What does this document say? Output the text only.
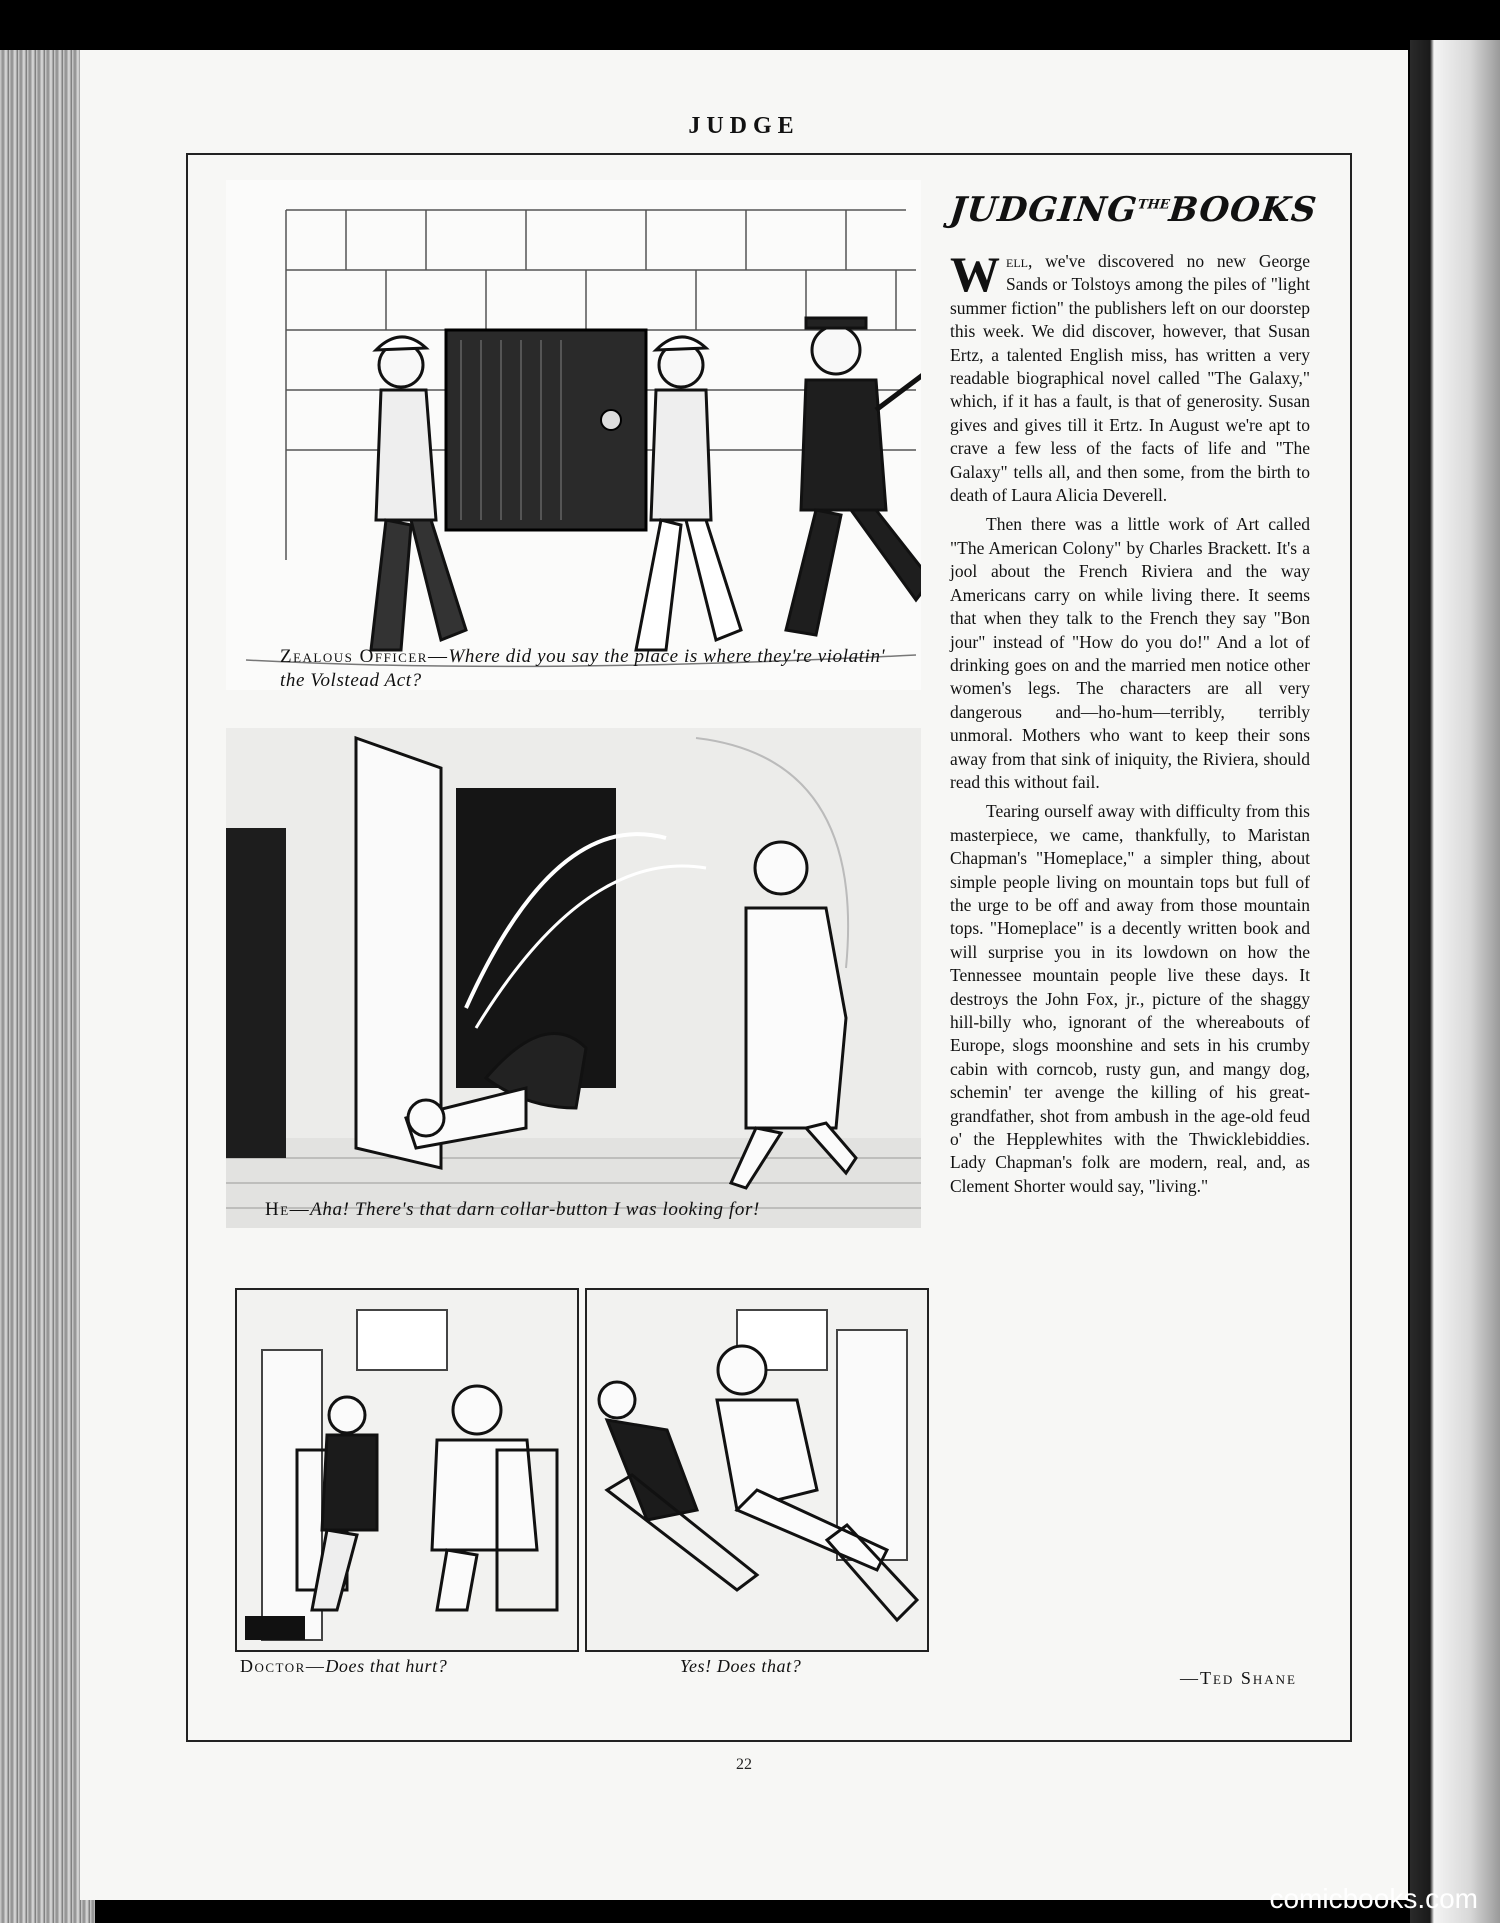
JUDGE
Zealous Officer—Where did you say the place is where they're violatin' the Volstead Act?
He—Aha! There's that darn collar-button I was looking for!
Doctor—Does that hurt?	Yes! Does that?
$JUDGING^{THE}BOOKS$

Well, we've discovered no new George Sands or Tolstoys among the piles of "light summer fiction" the publishers left on our doorstep this week. We did discover, however, that Susan Ertz, a talented English miss, has written a very readable biographical novel called "The Galaxy," which, if it has a fault, is that of generosity. Susan gives and gives till it Ertz. In August we're apt to crave a few less of the facts of life and "The Galaxy" tells all, and then some, from the birth to death of Laura Alicia Deverell.

Then there was a little work of Art called "The American Colony" by Charles Brackett. It's a jool about the French Riviera and the way Americans carry on while living there. It seems that when they talk to the French they say "Bon jour" instead of "How do you do!" And a lot of drinking goes on and the married men notice other women's legs. The characters are all very dangerous and—ho-hum—terribly, terribly unmoral. Mothers who want to keep their sons away from that sink of iniquity, the Riviera, should read this without fail.

Tearing ourself away with difficulty from this masterpiece, we came, thankfully, to Maristan Chapman's "Homeplace," a simpler thing, about simple people living on mountain tops but full of the urge to be off and away from those mountain tops. "Homeplace" is a decently written book and will surprise you in its lowdown on how the Tennessee mountain people live these days. It destroys the John Fox, jr., picture of the shaggy hill-billy who, ignorant of the whereabouts of Europe, slogs moonshine and sets in his crumby cabin with corncob, rusty gun, and mangy dog, schemin' ter avenge the killing of his great-grandfather, shot from ambush in the age-old feud o' the Hepplewhites with the Thwicklebiddies. Lady Chapman's folk are modern, real, and, as Clement Shorter would say, "living."

—Ted Shane
22
comicbooks.com
